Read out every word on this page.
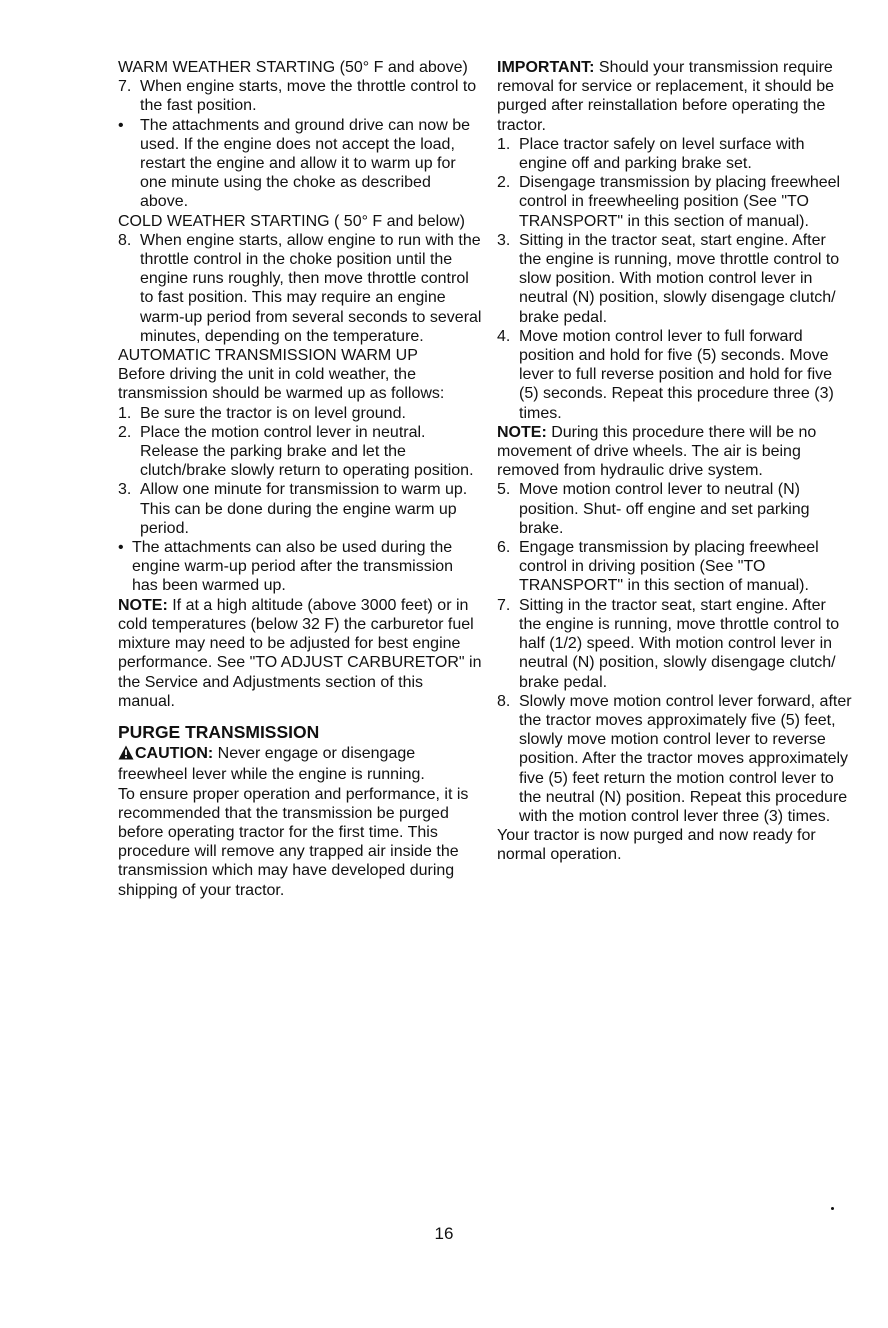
WARM WEATHER STARTING (50° F and above)

7. When engine starts, move the throttle control to the fast position.
•	The attachments and ground drive can now be used. If the engine does not accept the load, restart the engine and allow it to warm up for one minute using the choke as described above.

COLD WEATHER STARTING ( 50° F and below)

8. When engine starts, allow engine to run with the throttle control in the choke position until the engine runs roughly, then move throttle control to fast position. This may require an engine warm-up period from several seconds to several minutes, depending on the temperature.

AUTOMATIC TRANSMISSION WARM UP

Before driving the unit in cold weather, the transmission should be warmed up as follows:

1. Be sure the tractor is on level ground.
2. Place the motion control lever in neutral. Release the parking brake and let the clutch/brake slowly return to operating position.
3. Allow one minute for transmission to warm up. This can be done during the engine warm up period.
• The attachments can also be used during the engine warm-up period after the transmission has been warmed up.

NOTE: If at a high altitude (above 3000 feet) or in cold temperatures (below 32 F) the carburetor fuel mixture may need to be adjusted for best engine performance. See "TO ADJUST CARBURETOR" in the Service and Adjustments section of this manual.

PURGE TRANSMISSION

CAUTION: Never engage or disengage freewheel lever while the engine is running.

To ensure proper operation and performance, it is recommended that the transmission be purged before operating tractor for the first time. This procedure will remove any trapped air inside the transmission which may have developed during shipping of your tractor.

IMPORTANT: Should your transmission require removal for service or replacement, it should be purged after reinstallation before operating the tractor.

1. Place tractor safely on level surface with engine off and parking brake set.
2. Disengage transmission by placing freewheel control in freewheeling position (See "TO TRANSPORT" in this section of manual).
3. Sitting in the tractor seat, start engine. After the engine is running, move throttle control to slow position. With motion control lever in neutral (N) position, slowly disengage clutch/ brake pedal.
4. Move motion control lever to full forward position and hold for five (5) seconds. Move lever to full reverse position and hold for five (5) seconds. Repeat this procedure three (3) times.

NOTE: During this procedure there will be no movement of drive wheels. The air is being removed from hydraulic drive system.

5. Move motion control lever to neutral (N) position. Shut- off engine and set parking brake.
6. Engage transmission by placing freewheel control in driving position (See "TO TRANSPORT" in this section of manual).
7. Sitting in the tractor seat, start engine. After the engine is running, move throttle control to half (1/2) speed. With motion control lever in neutral (N) position, slowly disengage clutch/ brake pedal.
8. Slowly move motion control lever forward, after the tractor moves approximately five (5) feet, slowly move motion control lever to reverse position. After the tractor moves approximately five (5) feet return the motion control lever to the neutral (N) position. Repeat this procedure with the motion control lever three (3) times.

Your tractor is now purged and now ready for normal operation.

16
